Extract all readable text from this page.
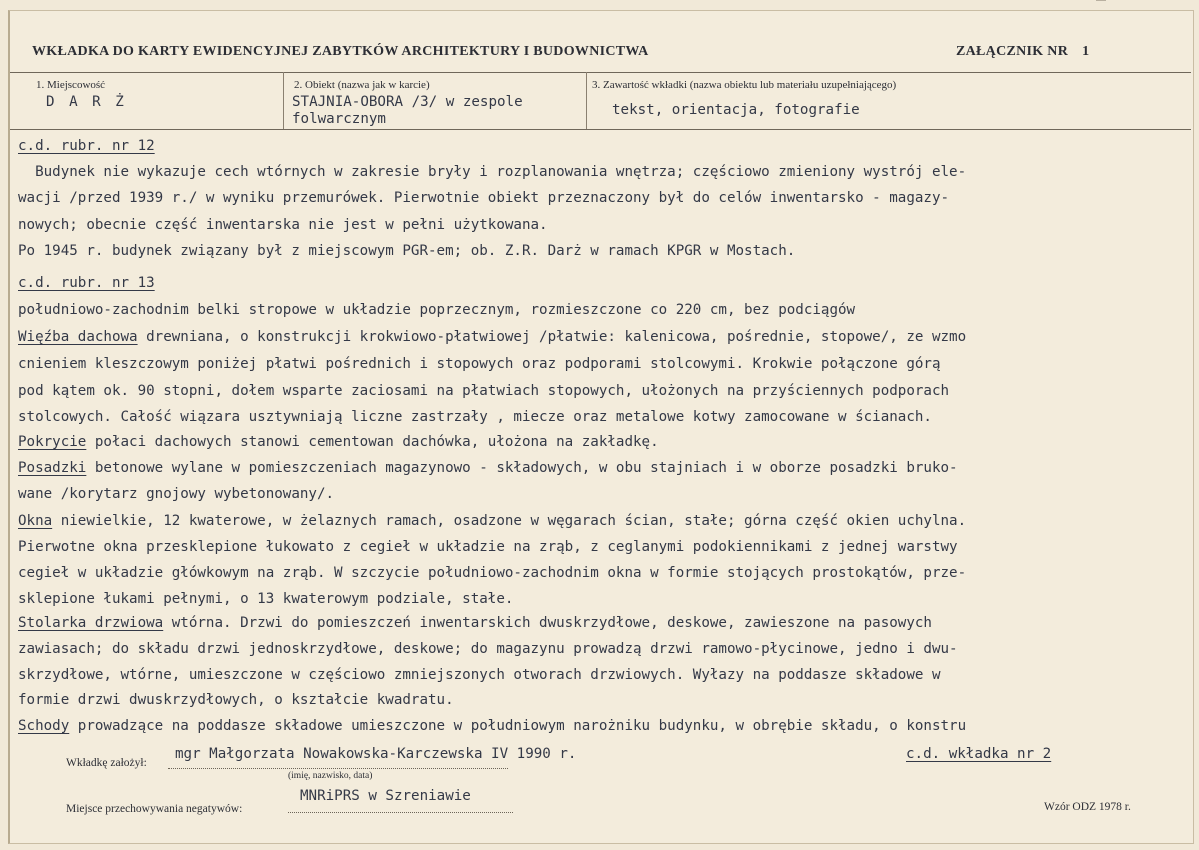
WKŁADKA DO KARTY EWIDENCYJNEJ ZABYTKÓW ARCHITEKTURY I BUDOWNICTWA	ZAŁĄCZNIK NR 1
1. Miejscowość
D A R Ż
2. Obiekt (nazwa jak w karcie)
STAJNIA-OBORA /3/ w zespole
folwarcznym
3. Zawartość wkładki (nazwa obiektu lub materiału uzupełniającego)
tekst, orientacja, fotografie
c.d. rubr. nr 12
Budynek nie wykazuje cech wtórnych w zakresie bryły i rozplanowania wnętrza; częściowo zmieniony wystrój ele-
wacji /przed 1939 r./ w wyniku przemurówek. Pierwotnie obiekt przeznaczony był do celów inwentarsko - magazy-
nowych; obecnie część inwentarska nie jest w pełni użytkowana.
Po 1945 r. budynek związany był z miejscowym PGR-em; ob. Z.R. Darż w ramach KPGR w Mostach.
c.d. rubr. nr 13
południowo-zachodnim belki stropowe w układzie poprzecznym, rozmieszczone co 220 cm, bez podciągów
Więźba dachowa drewniana, o konstrukcji krokwiowo-płatwiowej /płatwie: kalenicowa, pośrednie, stopowe/, ze wzmo
cnieniem kleszczowym poniżej płatwi pośrednich i stopowych oraz podporami stolcowymi. Krokwie połączone górą
pod kątem ok. 90 stopni, dołem wsparte zaciosami na płatwiach stopowych, ułożonych na przyściennych podporach
stolcowych. Całość wiązara usztywniają liczne zastrzały , miecze oraz metalowe kotwy zamocowane w ścianach.
Pokrycie połaci dachowych stanowi cementowan dachówka, ułożona na zakładkę.
Posadzki betonowe wylane w pomieszczeniach magazynowo - składowych, w obu stajniach i w oborze posadzki bruko-
wane /korytarz gnojowy wybetonowany/.
Okna niewielkie, 12 kwaterowe, w żelaznych ramach, osadzone w węgarach ścian, stałe; górna część okien uchylna.
Pierwotne okna przesklepione łukowato z cegieł w układzie na zrąb, z ceglanymi podokiennikami z jednej warstwy
cegieł w układzie główkowym na zrąb. W szczycie południowo-zachodnim okna w formie stojących prostokątów, prze-
sklepione łukami pełnymi, o 13 kwaterowym podziale, stałe.
Stolarka drzwiowa wtórna. Drzwi do pomieszczeń inwentarskich dwuskrzydłowe, deskowe, zawieszone na pasowych
zawiasach; do składu drzwi jednoskrzydłowe, deskowe; do magazynu prowadzą drzwi ramowo-płycinowe, jedno i dwu-
skrzydłowe, wtórne, umieszczone w częściowo zmniejszonych otworach drzwiowych. Wyłazy na poddasze składowe w
formie drzwi dwuskrzydłowych, o kształcie kwadratu.
Schody prowadzące na poddasze składowe umieszczone w południowym narożniku budynku, w obrębie składu, o konstru
Wkładkę założył:
mgr Małgorzata Nowakowska-Karczewska IV 1990 r.	c.d. wkładka nr 2
(imię, nazwisko, data)
Miejsce przechowywania negatywów:
MNRiPRS w Szreniawie
Wzór ODZ 1978 r.
